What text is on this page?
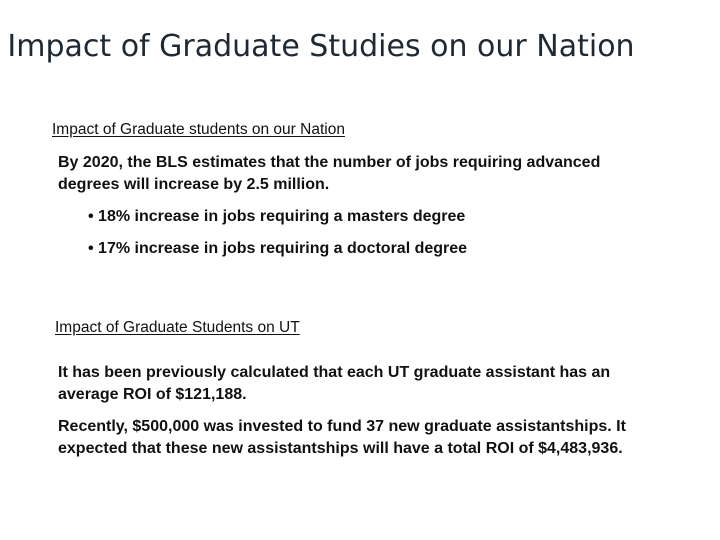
Impact of Graduate Studies on our Nation
Impact of Graduate students on our Nation
By 2020, the BLS estimates that the number of jobs requiring advanced degrees will increase by 2.5 million.
• 18% increase in jobs requiring a masters degree
• 17% increase in jobs requiring a doctoral degree
Impact of Graduate Students on UT
It has been previously calculated that each UT graduate assistant has an average ROI of $121,188.
Recently, $500,000 was invested to fund 37 new graduate assistantships. It expected that these new assistantships will have a total ROI of $4,483,936.
